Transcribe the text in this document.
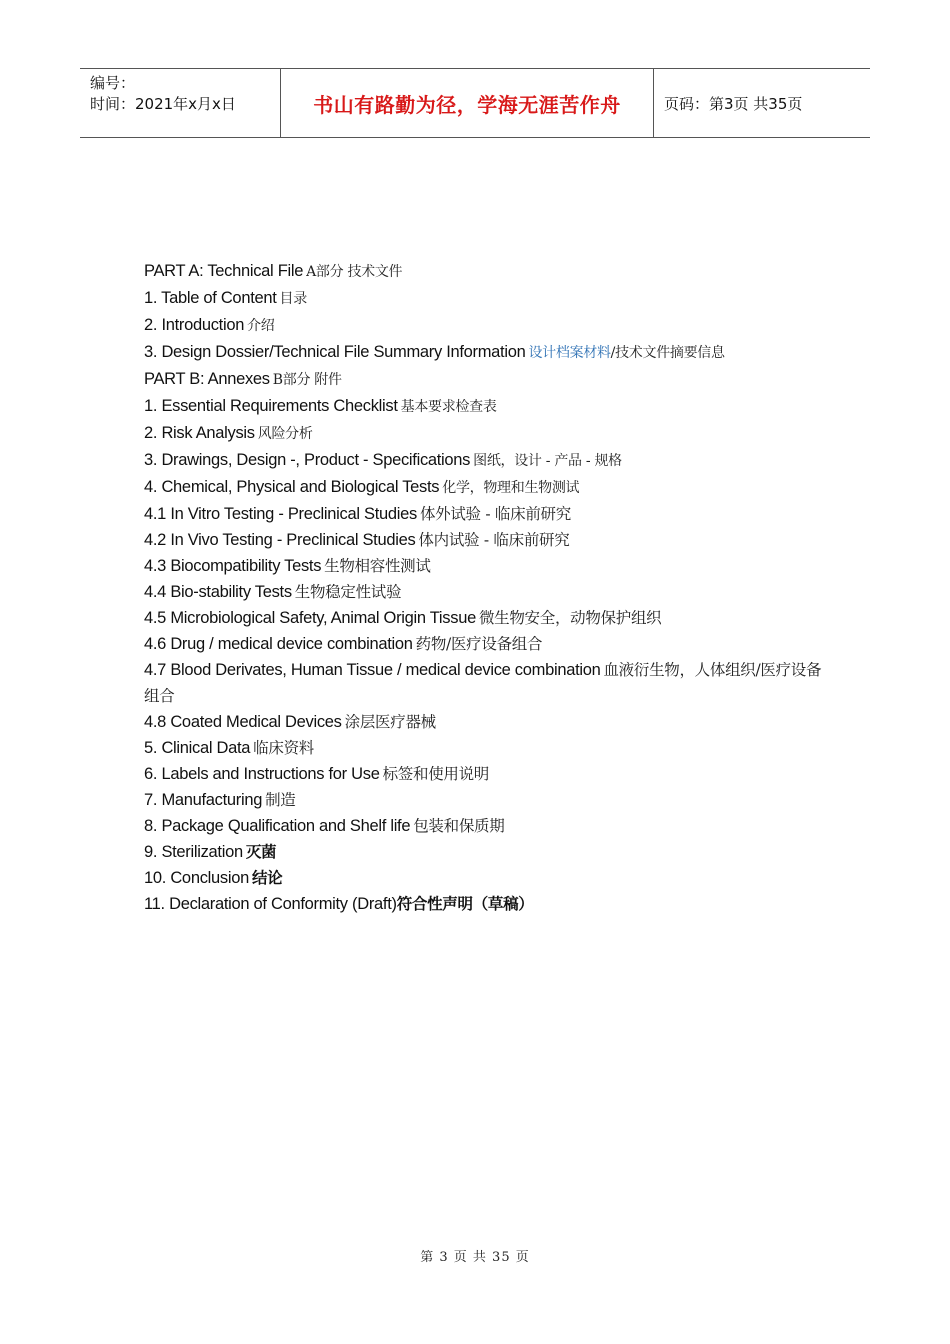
编号：
时间：2021年x月x日	书山有路勤为径，学海无涯苦作舟	页码：第3页 共35页
PART A: Technical File A部分 技术文件
1. Table of Content 目录
2. Introduction 介绍
3. Design Dossier/Technical File Summary Information 设计档案材料/技术文件摘要信息
PART B: Annexes B部分 附件
1. Essential Requirements Checklist 基本要求检查表
2. Risk Analysis 风险分析
3. Drawings, Design -, Product - Specifications 图纸，设计 - 产品 - 规格
4. Chemical, Physical and Biological Tests 化学，物理和生物测试
4.1 In Vitro Testing - Preclinical Studies 体外试验 - 临床前研究
4.2 In Vivo Testing - Preclinical Studies 体内试验 - 临床前研究
4.3 Biocompatibility Tests 生物相容性测试
4.4 Bio-stability Tests 生物稳定性试验
4.5 Microbiological Safety, Animal Origin Tissue 微生物安全，动物保护组织
4.6 Drug / medical device combination 药物/医疗设备组合
4.7 Blood Derivates, Human Tissue / medical device combination 血液衍生物，人体组织/医疗设备组合
4.8 Coated Medical Devices 涂层医疗器械
5. Clinical Data 临床资料
6. Labels and Instructions for Use 标签和使用说明
7. Manufacturing 制造
8. Package Qualification and Shelf life 包装和保质期
9. Sterilization 灭菌
10. Conclusion 结论
11. Declaration of Conformity (Draft)符合性声明（草稿）
第 3 页 共 35 页
